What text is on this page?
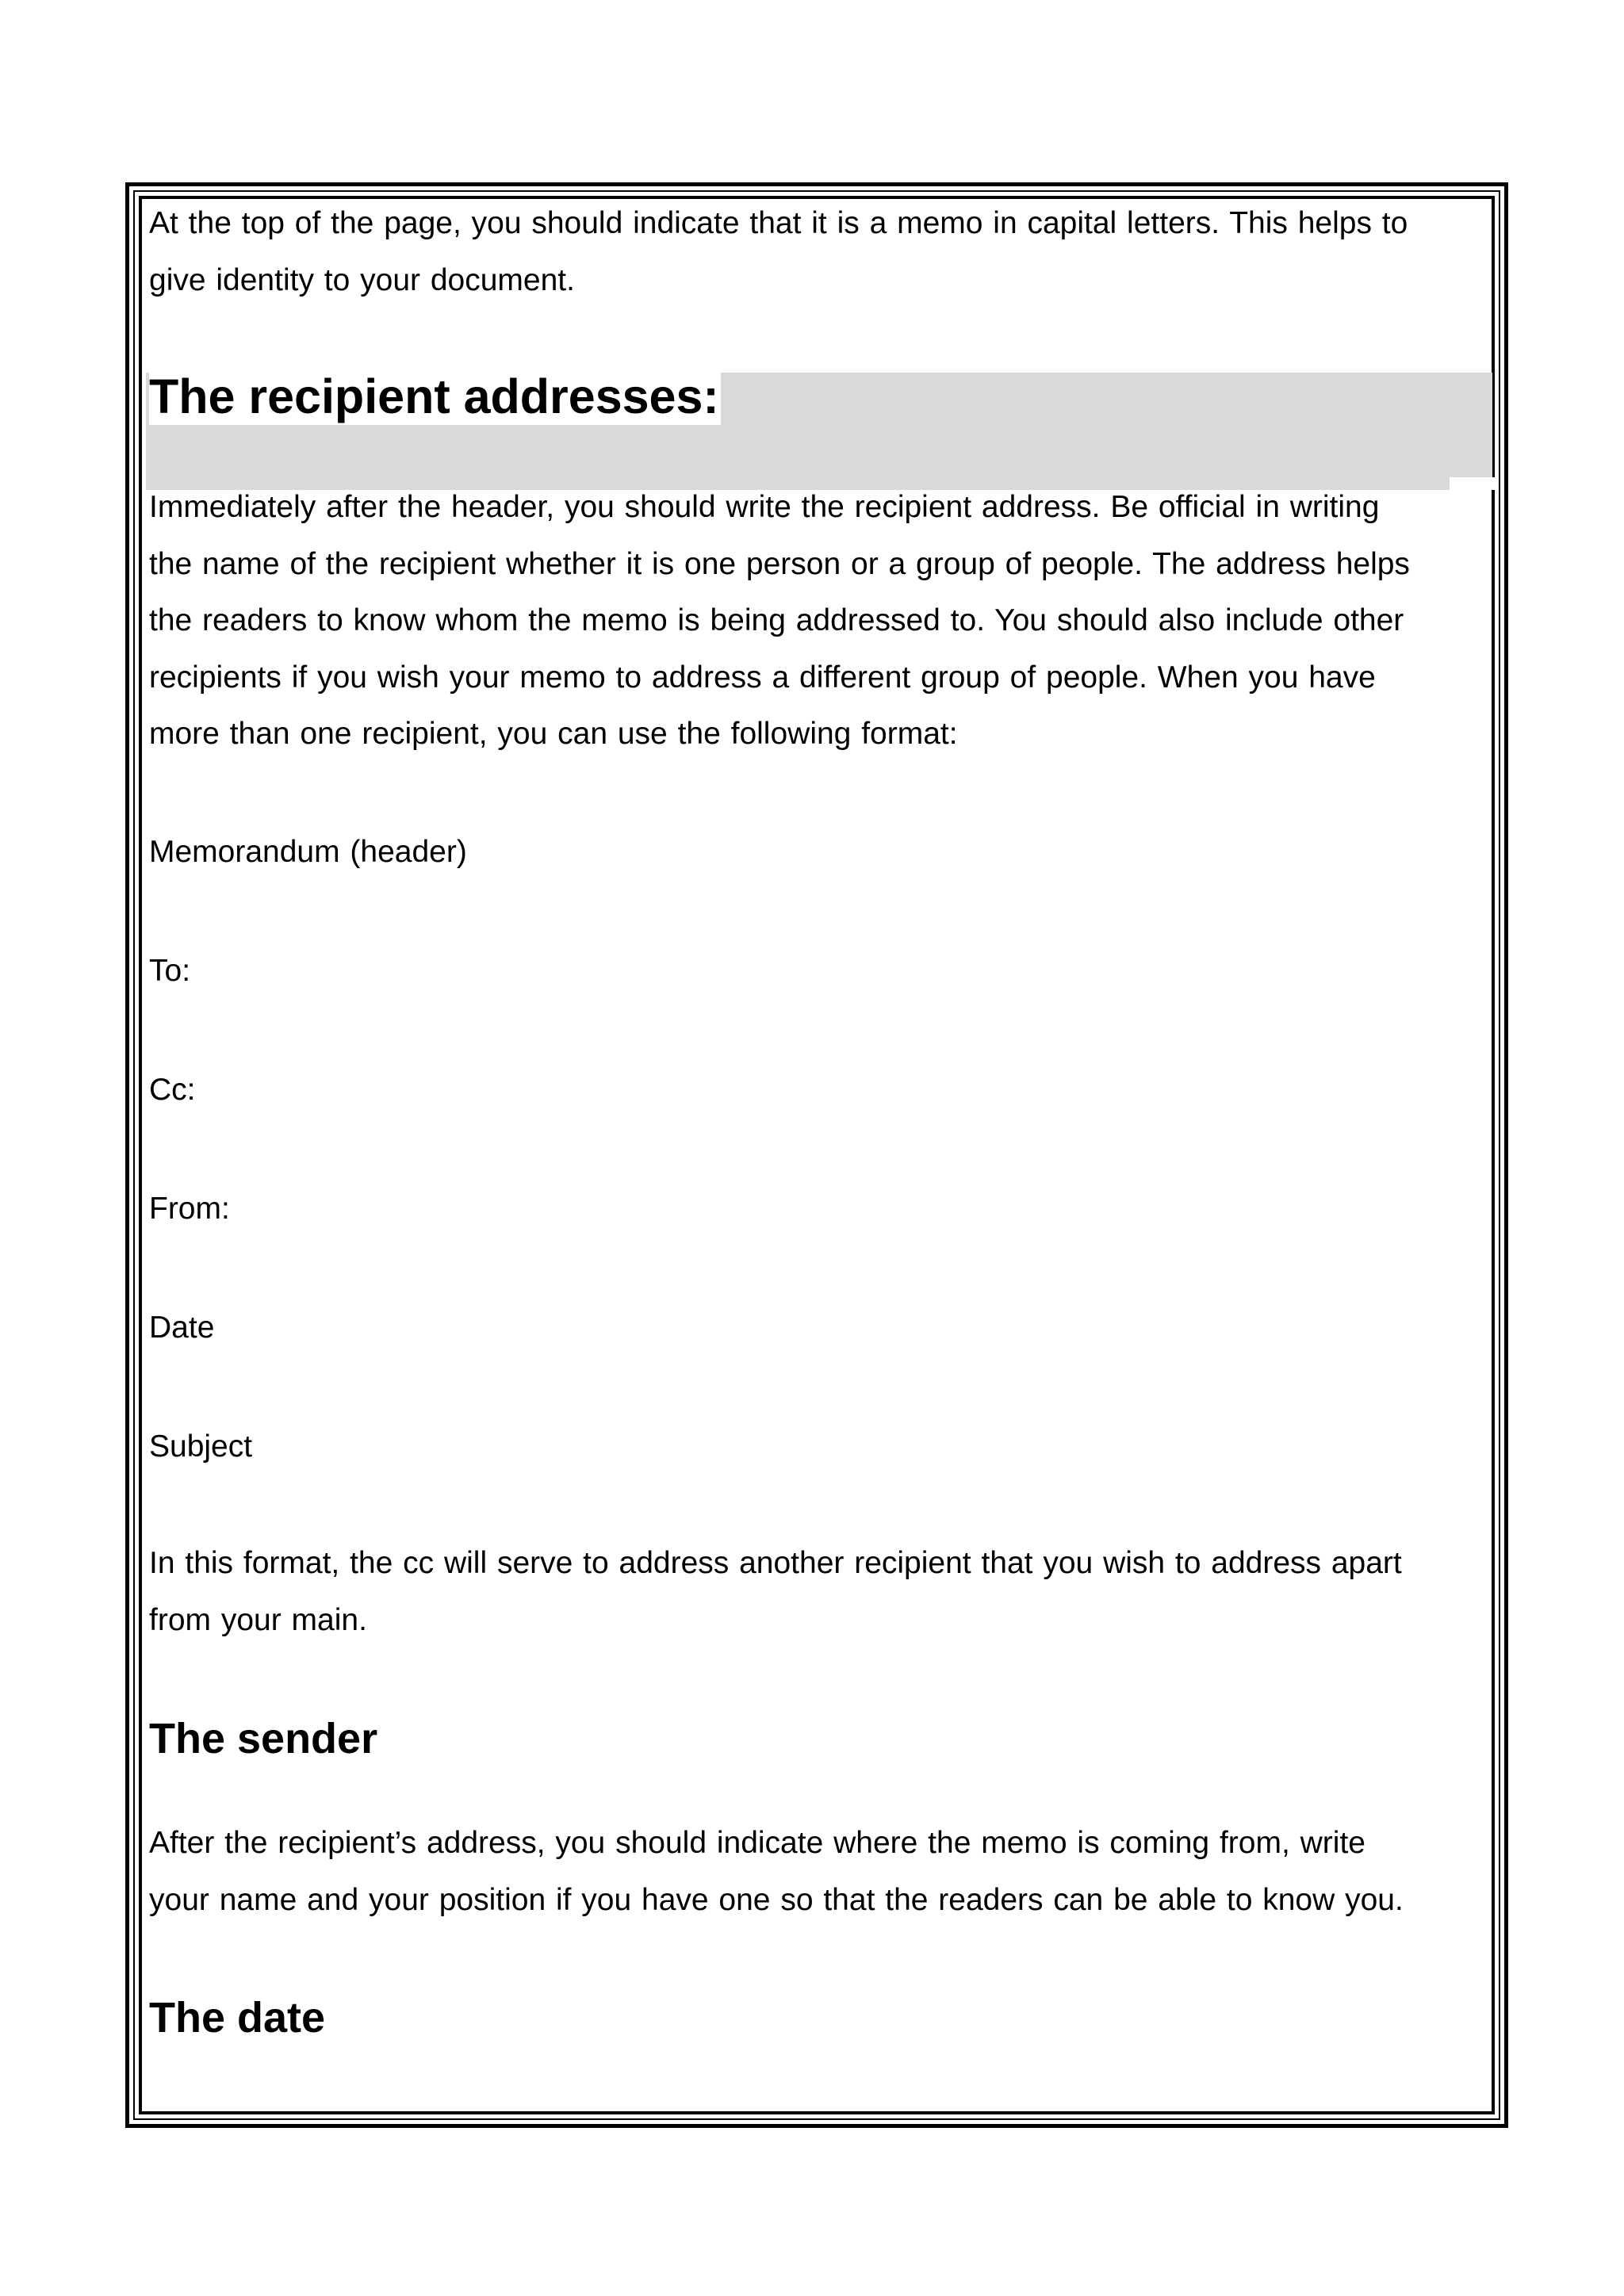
At the top of the page, you should indicate that it is a memo in capital letters. This helps to

give identity to your document.

The recipient addresses:

Immediately after the header, you should write the recipient address. Be official in writing

the name of the recipient whether it is one person or a group of people. The address helps

the readers to know whom the memo is being addressed to. You should also include other

recipients if you wish your memo to address a different group of people. When you have

more than one recipient, you can use the following format:

Memorandum (header)

To:

Cc:

From:

Date

Subject

In this format, the cc will serve to address another recipient that you wish to address apart

from your main.

The sender

After the recipient’s address, you should indicate where the memo is coming from, write

your name and your position if you have one so that the readers can be able to know you.

The date
